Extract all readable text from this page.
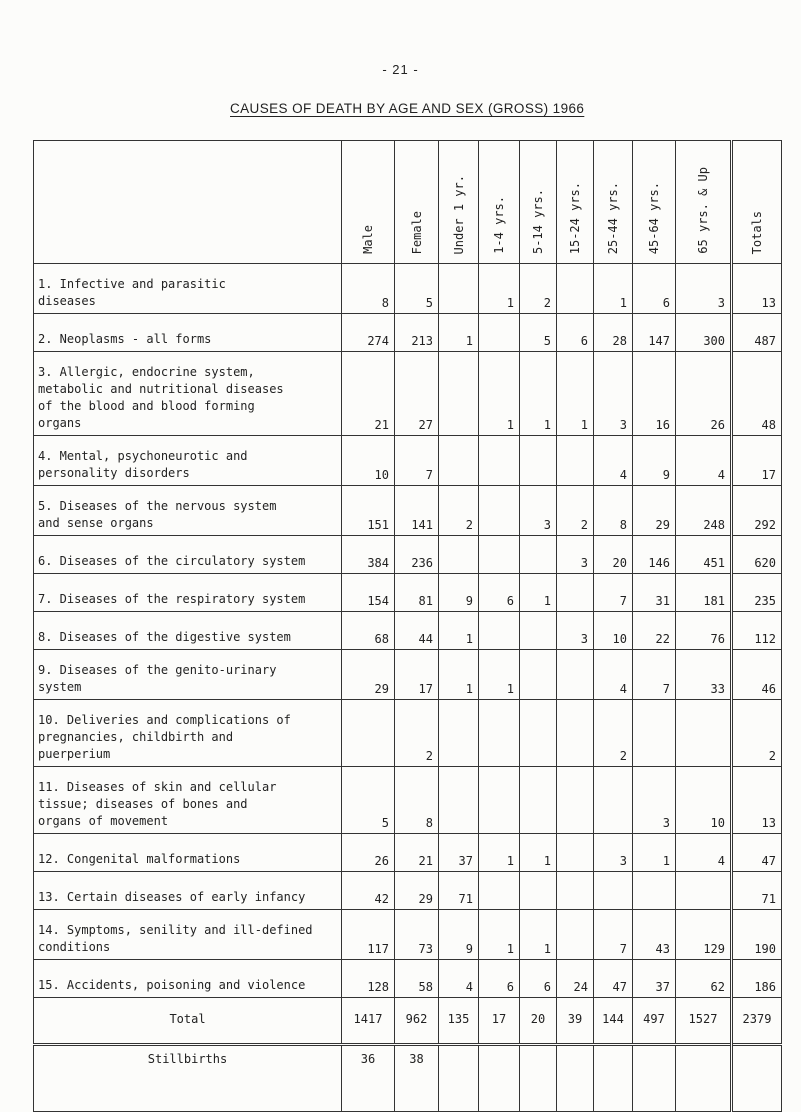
- 21 -
CAUSES OF DEATH BY AGE AND SEX (GROSS) 1966
	Male	Female	Under 1 yr.	1-4 yrs.	5-14 yrs.	15-24 yrs.	25-44 yrs.	45-64 yrs.	65 yrs. & Up	Totals

1. Infective and parasitic
diseases	8	5		1	2		1	6	3	13

2. Neoplasms - all forms	274	213	1		5	6	28	147	300	487

3. Allergic, endocrine system,
metabolic and nutritional diseases
of the blood and blood forming
organs	21	27		1	1	1	3	16	26	48

4. Mental, psychoneurotic and
personality disorders	10	7					4	9	4	17

5. Diseases of the nervous system
and sense organs	151	141	2		3	2	8	29	248	292

6. Diseases of the circulatory system	384	236				3	20	146	451	620

7. Diseases of the respiratory system	154	81	9	6	1		7	31	181	235

8. Diseases of the digestive system	68	44	1			3	10	22	76	112

9. Diseases of the genito-urinary
system	29	17	1	1			4	7	33	46

10. Deliveries and complications of
pregnancies, childbirth and
puerperium		2					2			2

11. Diseases of skin and cellular
tissue; diseases of bones and
organs of movement	5	8						3	10	13

12. Congenital malformations	26	21	37	1	1		3	1	4	47

13. Certain diseases of early infancy	42	29	71							71

14. Symptoms, senility and ill-defined
conditions	117	73	9	1	1		7	43	129	190

15. Accidents, poisoning and violence	128	58	4	6	6	24	47	37	62	186
Total	1417	962	135	17	20	39	144	497	1527	2379
Stillbirths	36	38								
